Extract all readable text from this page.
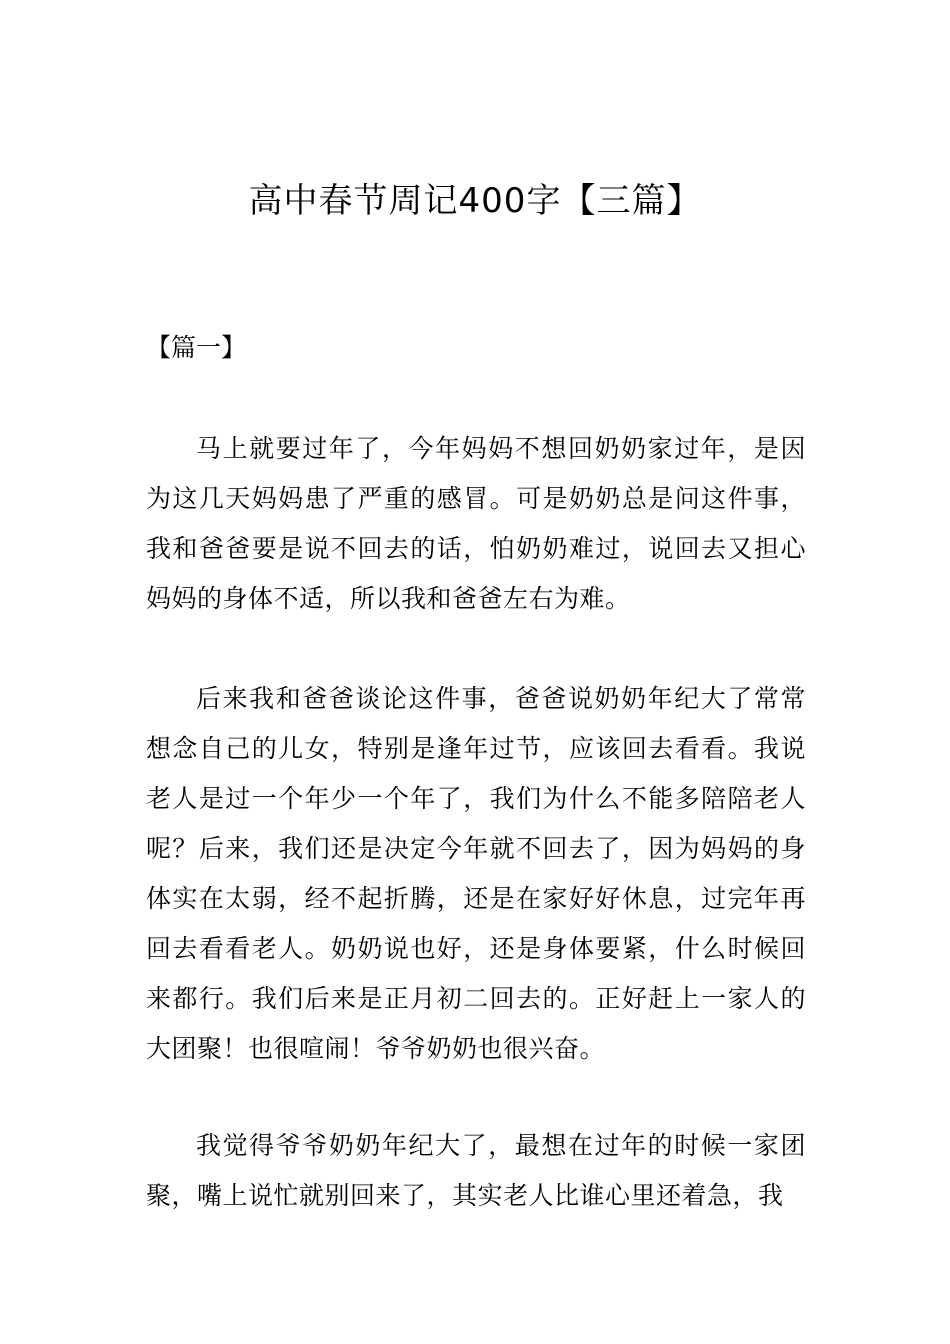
高中春节周记400字【三篇】

【篇一】

马上就要过年了，今年妈妈不想回奶奶家过年，是因为这几天妈妈患了严重的感冒。可是奶奶总是问这件事，我和爸爸要是说不回去的话，怕奶奶难过，说回去又担心妈妈的身体不适，所以我和爸爸左右为难。

后来我和爸爸谈论这件事，爸爸说奶奶年纪大了常常想念自己的儿女，特别是逢年过节，应该回去看看。我说老人是过一个年少一个年了，我们为什么不能多陪陪老人呢？后来，我们还是决定今年就不回去了，因为妈妈的身体实在太弱，经不起折腾，还是在家好好休息，过完年再回去看看老人。奶奶说也好，还是身体要紧，什么时候回来都行。我们后来是正月初二回去的。正好赶上一家人的大团聚！也很喧闹！爷爷奶奶也很兴奋。

我觉得爷爷奶奶年纪大了，最想在过年的时候一家团聚，嘴上说忙就别回来了，其实老人比谁心里还着急，我
